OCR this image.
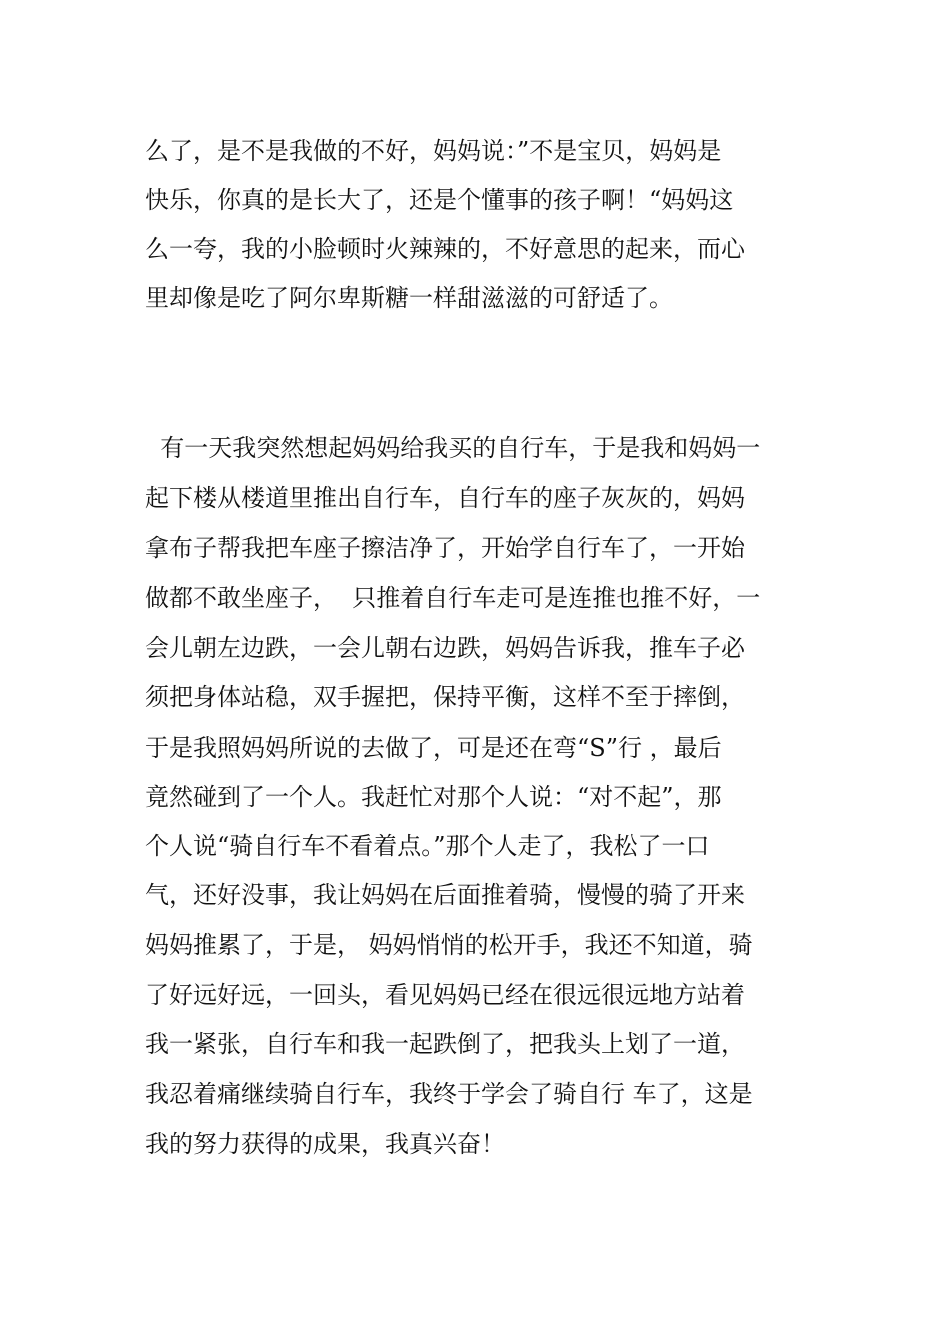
么了，是不是我做的不好，妈妈说：”不是宝贝，妈妈是
快乐，你真的是长大了，还是个懂事的孩子啊！“妈妈这
么一夸，我的小脸顿时火辣辣的，不好意思的起来，而心
里却像是吃了阿尔卑斯糖一样甜滋滋的可舒适了。
有一天我突然想起妈妈给我买的自行车，于是我和妈妈一
起下楼从楼道里推出自行车，自行车的座子灰灰的，妈妈
拿布子帮我把车座子擦洁净了，开始学自行车了，一开始
做都不敢坐座子，  只推着自行车走可是连推也推不好，一
会儿朝左边跌，一会儿朝右边跌，妈妈告诉我，推车子必
须把身体站稳，双手握把，保持平衡，这样不至于摔倒，
于是我照妈妈所说的去做了，可是还在弯“S”行 ，最后
竟然碰到了一个人。我赶忙对那个人说：“对不起”，那
个人说“骑自行车不看着点。”那个人走了，我松了一口
气，还好没事，我让妈妈在后面推着骑，慢慢的骑了开来
妈妈推累了，于是， 妈妈悄悄的松开手，我还不知道，骑
了好远好远，一回头，看见妈妈已经在很远很远地方站着
我一紧张，自行车和我一起跌倒了，把我头上划了一道，
我忍着痛继续骑自行车，我终于学会了骑自行 车了，这是
我的努力获得的成果，我真兴奋！
